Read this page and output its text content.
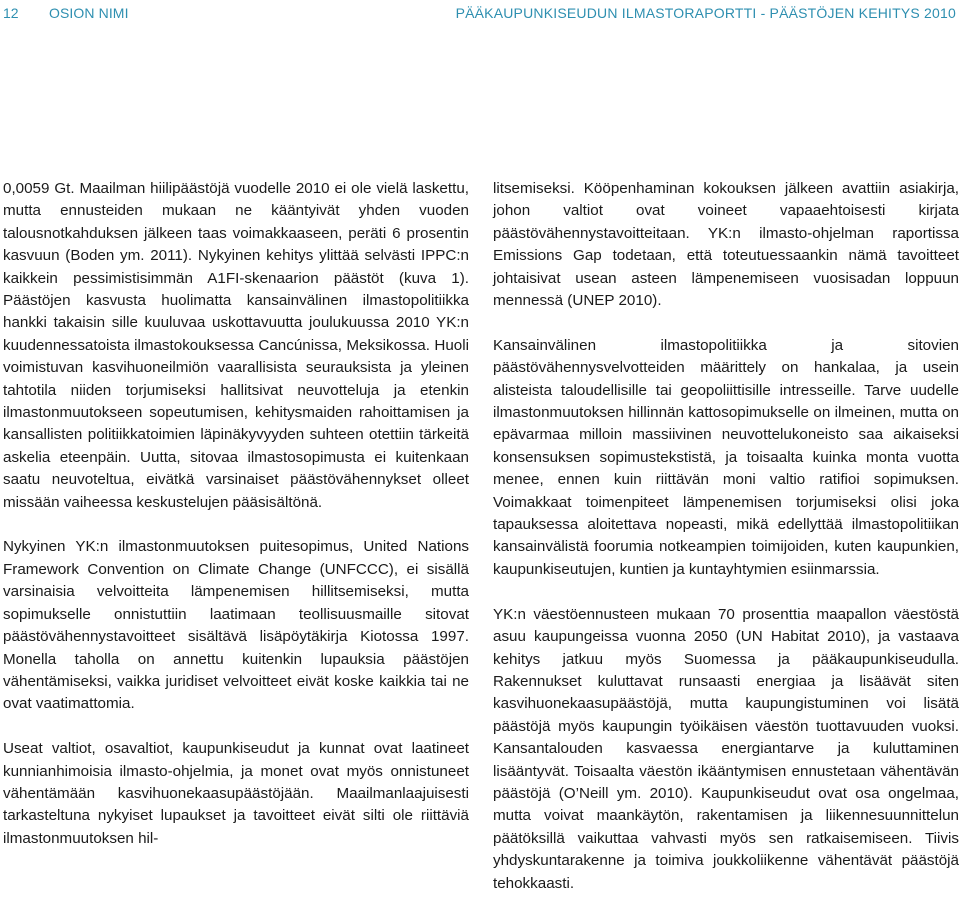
12 OSION NIMI	PÄÄKAUPUNKISEUDUN ILMASTORAPORTTI - PÄÄSTÖJEN KEHITYS 2010

0,0059 Gt. Maailman hiilipäästöjä vuodelle 2010 ei ole vielä laskettu, mutta ennusteiden mukaan ne kääntyivät yhden vuoden talousnotkahduksen jälkeen taas voimakkaaseen, peräti 6 prosentin kasvuun (Boden ym. 2011). Nykyinen kehitys ylittää selvästi IPPC:n kaikkein pessimistisimmän A1FI-skenaarion päästöt (kuva 1). Päästöjen kasvusta huolimatta kansainvälinen ilmastopolitiikka hankki takaisin sille kuuluvaa uskottavuutta joulukuussa 2010 YK:n kuudennessatoista ilmastokouksessa Cancúnissa, Meksikossa. Huoli voimistuvan kasvihuoneilmiön vaarallisista seurauksista ja yleinen tahtotila niiden torjumiseksi hallitsivat neuvotteluja ja etenkin ilmastonmuutokseen sopeutumisen, kehitysmaiden rahoittamisen ja kansallisten politiikkatoimien läpinäkyvyyden suhteen otettiin tärkeitä askelia eteenpäin. Uutta, sitovaa ilmastosopimusta ei kuitenkaan saatu neuvoteltua, eivätkä varsinaiset päästövähennykset olleet missään vaiheessa keskustelujen pääsisältönä.

Nykyinen YK:n ilmastonmuutoksen puitesopimus, United Nations Framework Convention on Climate Change (UNFCCC), ei sisällä varsinaisia velvoitteita lämpenemisen hillitsemiseksi, mutta sopimukselle onnistuttiin laatimaan teollisuusmaille sitovat päästövähennystavoitteet sisältävä lisäpöytäkirja Kiotossa 1997. Monella taholla on annettu kuitenkin lupauksia päästöjen vähentämiseksi, vaikka juridiset velvoitteet eivät koske kaikkia tai ne ovat vaatimattomia.

Useat valtiot, osavaltiot, kaupunkiseudut ja kunnat ovat laatineet kunnianhimoisia ilmasto-ohjelmia, ja monet ovat myös onnistuneet vähentämään kasvihuonekaasupäästöjään. Maailmanlaajuisesti tarkasteltuna nykyiset lupaukset ja tavoitteet eivät silti ole riittäviä ilmastonmuutoksen hil-

litsemiseksi. Kööpenhaminan kokouksen jälkeen avattiin asiakirja, johon valtiot ovat voineet vapaaehtoisesti kirjata päästövähennystavoitteitaan. YK:n ilmasto-ohjelman raportissa Emissions Gap todetaan, että toteutuessaankin nämä tavoitteet johtaisivat usean asteen lämpenemiseen vuosisadan loppuun mennessä (UNEP 2010).

Kansainvälinen ilmastopolitiikka ja sitovien päästövähennysvelvotteiden määrittely on hankalaa, ja usein alisteista taloudellisille tai geopoliittisille intresseille. Tarve uudelle ilmastonmuutoksen hillinnän kattosopimukselle on ilmeinen, mutta on epävarmaa milloin massiivinen neuvottelukoneisto saa aikaiseksi konsensuksen sopimustekstistä, ja toisaalta kuinka monta vuotta menee, ennen kuin riittävän moni valtio ratifioi sopimuksen. Voimakkaat toimenpiteet lämpenemisen torjumiseksi olisi joka tapauksessa aloitettava nopeasti, mikä edellyttää ilmastopolitiikan kansainvälistä foorumia notkeampien toimijoiden, kuten kaupunkien, kaupunkiseutujen, kuntien ja kuntayhtymien esiinmarssia.

YK:n väestöennusteen mukaan 70 prosenttia maapallon väestöstä asuu kaupungeissa vuonna 2050 (UN Habitat 2010), ja vastaava kehitys jatkuu myös Suomessa ja pääkaupunkiseudulla. Rakennukset kuluttavat runsaasti energiaa ja lisäävät siten kasvihuonekaasupäästöjä, mutta kaupungistuminen voi lisätä päästöjä myös kaupungin työikäisen väestön tuottavuuden vuoksi. Kansantalouden kasvaessa energiantarve ja kuluttaminen lisääntyvät. Toisaalta väestön ikääntymisen ennustetaan vähentävän päästöjä (O’Neill ym. 2010). Kaupunkiseudut ovat osa ongelmaa, mutta voivat maankäytön, rakentamisen ja liikennesuunnittelun päätöksillä vaikuttaa vahvasti myös sen ratkaisemiseen. Tiivis yhdyskuntarakenne ja toimiva joukkoliikenne vähentävät päästöjä tehokkaasti.
